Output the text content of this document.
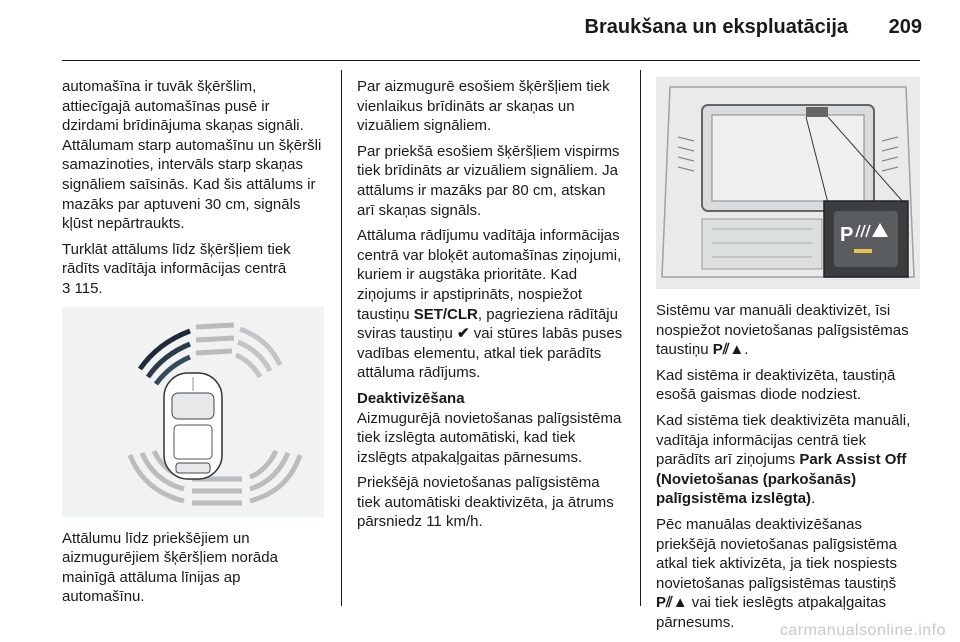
Braukšana un ekspluatācija 209

automašīna ir tuvāk šķēršlim, attiecīgajā automašīnas pusē ir dzirdami brīdinājuma skaņas signāli. Attālumam starp automašīnu un šķēršli samazinoties, intervāls starp skaņas signāliem saīsinās. Kad šis attālums ir mazāks par aptuveni 30 cm, signāls kļūst nepārtraukts.

Turklāt attālums līdz šķēršļiem tiek rādīts vadītāja informācijas centrā
3 115.

Attālumu līdz priekšējiem un aizmugurējiem šķēršļiem norāda mainīgā attāluma līnijas ap automašīnu.

Par aizmugurē esošiem šķēršļiem tiek vienlaikus brīdināts ar skaņas un vizuāliem signāliem.

Par priekšā esošiem šķēršļiem vispirms tiek brīdināts ar vizuāliem signāliem. Ja attālums ir mazāks par 80 cm, atskan arī skaņas signāls.

Attāluma rādījumu vadītāja informācijas centrā var bloķēt automašīnas ziņojumi, kuriem ir augstāka prioritāte. Kad ziņojums ir apstiprināts, nospiežot taustiņu SET/CLR, pagrieziena rādītāju sviras taustiņu ✔ vai stūres labās puses vadības elementu, atkal tiek parādīts attāluma rādījums.

Deaktivizēšana

Aizmugurējā novietošanas palīgsistēma tiek izslēgta automātiski, kad tiek izslēgts atpakaļgaitas pārnesums.

Priekšējā novietošanas palīgsistēma tiek automātiski deaktivizēta, ja ātrums pārsniedz 11 km/h.

P

Sistēmu var manuāli deaktivizēt, īsi nospiežot novietošanas palīgsistēmas taustiņu P⫽▲.

Kad sistēma ir deaktivizēta, taustiņā esošā gaismas diode nodziest.

Kad sistēma tiek deaktivizēta manuāli, vadītāja informācijas centrā tiek parādīts arī ziņojums Park Assist Off (Novietošanas (parkošanās) palīgsistēma izslēgta).

Pēc manuālas deaktivizēšanas priekšējā novietošanas palīgsistēma atkal tiek aktivizēta, ja tiek nospiests novietošanas palīgsistēmas taustiņš
P⫽▲ vai tiek ieslēgts atpakaļgaitas pārnesums.	carmanualsonline.info
